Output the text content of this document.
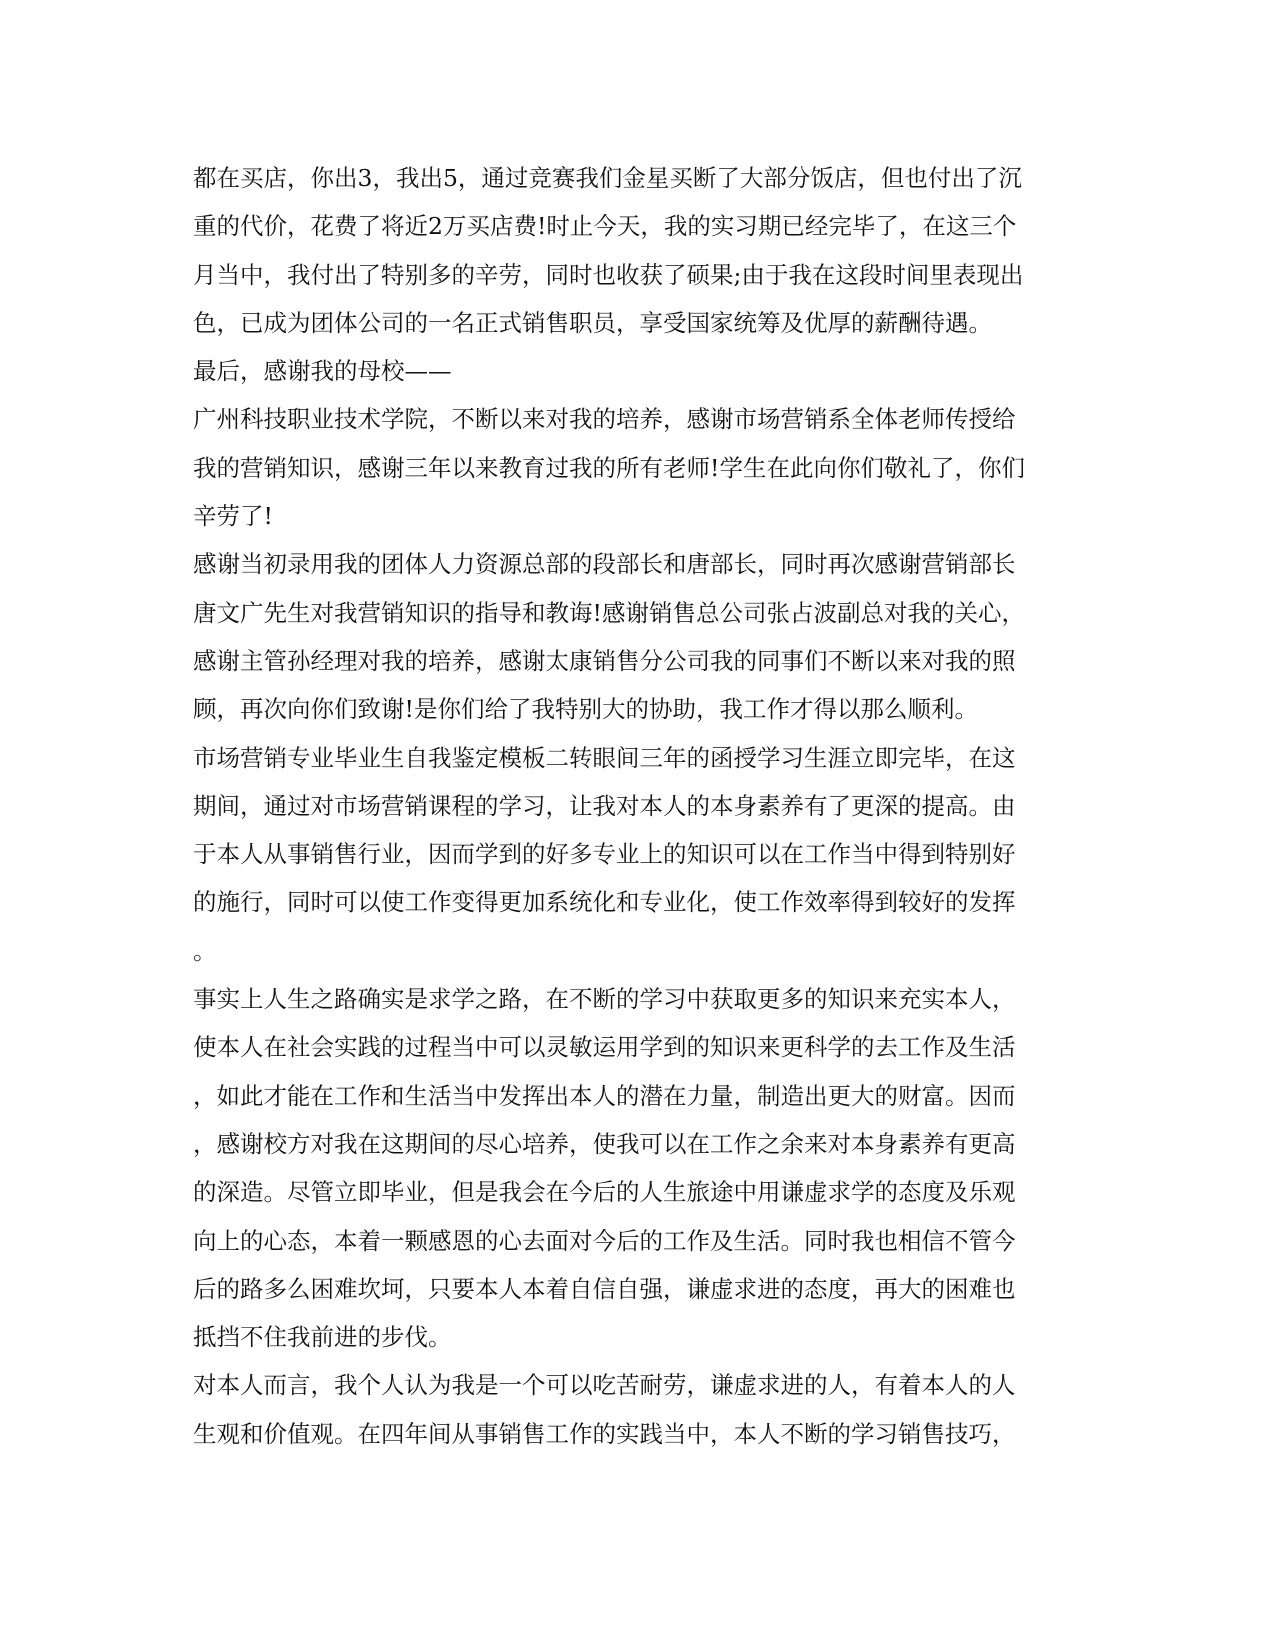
都在买店，你出3，我出5，通过竞赛我们金星买断了大部分饭店，但也付出了沉
重的代价，花费了将近2万买店费!时止今天，我的实习期已经完毕了，在这三个
月当中，我付出了特别多的辛劳，同时也收获了硕果;由于我在这段时间里表现出
色，已成为团体公司的一名正式销售职员，享受国家统筹及优厚的薪酬待遇。
最后，感谢我的母校——
广州科技职业技术学院，不断以来对我的培养，感谢市场营销系全体老师传授给
我的营销知识，感谢三年以来教育过我的所有老师!学生在此向你们敬礼了，你们
辛劳了!
感谢当初录用我的团体人力资源总部的段部长和唐部长，同时再次感谢营销部长
唐文广先生对我营销知识的指导和教诲!感谢销售总公司张占波副总对我的关心，
感谢主管孙经理对我的培养，感谢太康销售分公司我的同事们不断以来对我的照
顾，再次向你们致谢!是你们给了我特别大的协助，我工作才得以那么顺利。
市场营销专业毕业生自我鉴定模板二转眼间三年的函授学习生涯立即完毕，在这
期间，通过对市场营销课程的学习，让我对本人的本身素养有了更深的提高。由
于本人从事销售行业，因而学到的好多专业上的知识可以在工作当中得到特别好
的施行，同时可以使工作变得更加系统化和专业化，使工作效率得到较好的发挥
。
事实上人生之路确实是求学之路，在不断的学习中获取更多的知识来充实本人，
使本人在社会实践的过程当中可以灵敏运用学到的知识来更科学的去工作及生活
，如此才能在工作和生活当中发挥出本人的潜在力量，制造出更大的财富。因而
，感谢校方对我在这期间的尽心培养，使我可以在工作之余来对本身素养有更高
的深造。尽管立即毕业，但是我会在今后的人生旅途中用谦虚求学的态度及乐观
向上的心态，本着一颗感恩的心去面对今后的工作及生活。同时我也相信不管今
后的路多么困难坎坷，只要本人本着自信自强，谦虚求进的态度，再大的困难也
抵挡不住我前进的步伐。
对本人而言，我个人认为我是一个可以吃苦耐劳，谦虚求进的人，有着本人的人
生观和价值观。在四年间从事销售工作的实践当中，本人不断的学习销售技巧，
